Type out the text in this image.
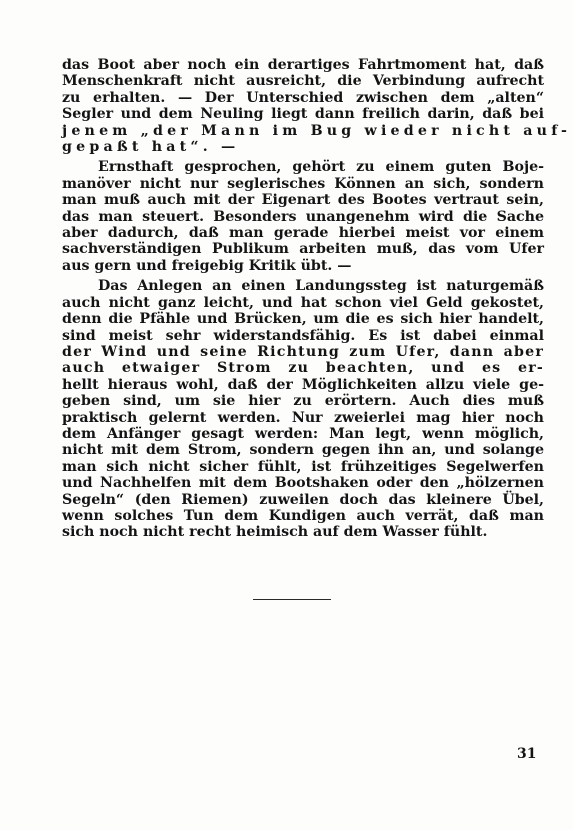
das Boot aber noch ein derartiges Fahrtmoment hat, daß
Menschenkraft nicht ausreicht, die Verbindung aufrecht
zu erhalten. — Der Unterschied zwischen dem „alten“
Segler und dem Neuling liegt dann freilich darin, daß bei
jenem „der Mann im Bug wieder nicht auf-
gepaßt hat“. —
Ernsthaft gesprochen, gehört zu einem guten Boje-
manöver nicht nur seglerisches Können an sich, sondern
man muß auch mit der Eigenart des Bootes vertraut sein,
das man steuert. Besonders unangenehm wird die Sache
aber dadurch, daß man gerade hierbei meist vor einem
sachverständigen Publikum arbeiten muß, das vom Ufer
aus gern und freigebig Kritik übt. —
Das Anlegen an einen Landungssteg ist naturgemäß
auch nicht ganz leicht, und hat schon viel Geld gekostet,
denn die Pfähle und Brücken, um die es sich hier handelt,
sind meist sehr widerstandsfähig. Es ist dabei einmal
der Wind und seine Richtung zum Ufer, dann aber
auch etwaiger Strom zu beachten, und es er-
hellt hieraus wohl, daß der Möglichkeiten allzu viele ge-
geben sind, um sie hier zu erörtern. Auch dies muß
praktisch gelernt werden. Nur zweierlei mag hier noch
dem Anfänger gesagt werden: Man legt, wenn möglich,
nicht mit dem Strom, sondern gegen ihn an, und solange
man sich nicht sicher fühlt, ist frühzeitiges Segelwerfen
und Nachhelfen mit dem Bootshaken oder den „hölzernen
Segeln“ (den Riemen) zuweilen doch das kleinere Übel,
wenn solches Tun dem Kundigen auch verrät, daß man
sich noch nicht recht heimisch auf dem Wasser fühlt.
31
